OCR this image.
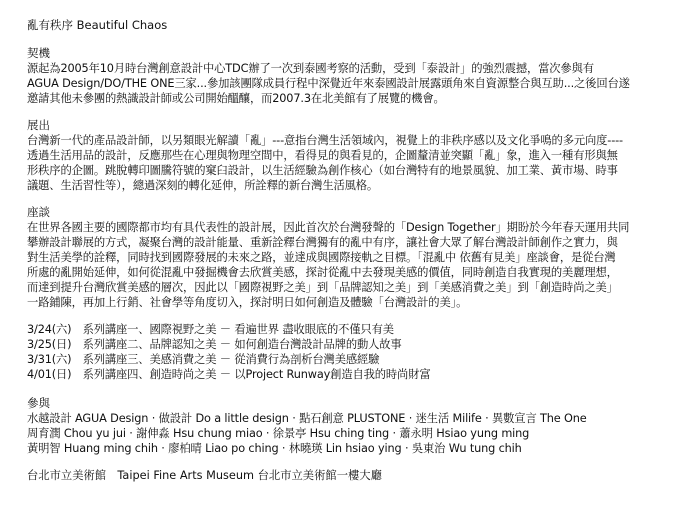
亂有秩序 Beautiful Chaos
契機
源起為2005年10月時台灣創意設計中心TDC辦了一次到泰國考察的活動，受到「泰設計」的強烈震撼，當次參與有
AGUA Design/DO/THE ONE三家...參加該團隊成員行程中深覺近年來泰國設計展露頭角來自資源整合與互助...之後回台遂
邀請其他未參團的熱識設計師或公司開始醞釀，而2007.3在北美館有了展覽的機會。
展出
台灣新一代的產品設計師，以另類眼光解讀「亂」---意指台灣生活領域內，視覺上的非秩序感以及文化爭鳴的多元向度----
透過生活用品的設計，反應那些在心理與物理空間中，看得見的與看見的，企圖釐清並突顯「亂」象，進入一種有形與無
形秩序的企圖。跳脫轉印圖騰符號的窠臼設計，以生活經驗為創作核心（如台灣特有的地景風貌、加工業、黃市場、時事
議題、生活習性等），總過深刻的轉化延伸，所詮釋的新台灣生活風格。
座談
在世界各國主要的國際都市均有具代表性的設計展，因此首次於台灣發聲的「Design Together」期盼於今年春天運用共同
攀辦設計聯展的方式，凝聚台灣的設計能量、重新詮釋台灣獨有的亂中有序，讓社會大眾了解台灣設計師創作之實力，與
對生活美學的詮釋，同時找到國際發展的未來之路，並達成與國際接軌之目標。「混亂中 依舊有見美」座談會，是從台灣
所處的亂開始延伸，如何從混亂中發掘機會去欣賞美感，探討從亂中去發現美感的價值，同時創造自我實現的美麗理想，
而達到提升台灣欣賞美感的層次，因此以「國際視野之美」到「品牌認知之美」到「美感消費之美」到「創造時尚之美」
一路鋪陳，再加上行銷、社會學等角度切入，探討明日如何創造及體驗「台灣設計的美」。
3/24(六)　系列講座一、國際視野之美 － 看遍世界 盡收眼底的不僅只有美
3/25(日)　系列講座二、品牌認知之美 － 如何創造台灣設計品牌的動人故事
3/31(六)　系列講座三、美感消費之美 － 從消費行為剖析台灣美感經驗
4/01(日)　系列講座四、創造時尚之美 － 以Project Runway創造自我的時尚財富
參與
水越設計 AGUA Design · 做設計 Do a little design · 點石創意 PLUSTONE · 迷生活 Milife · 異數宣言 The One
周育潤 Chou yu jui · 謝伸淼 Hsu chung miao · 徐景亭 Hsu ching ting · 蕭永明 Hsiao yung ming
黃明智 Huang ming chih · 廖柏晴 Liao po ching · 林曉瑛 Lin hsiao ying · 吳東治 Wu tung chih
台北市立美術館　Taipei Fine Arts Museum 台北市立美術館一樓大廳
